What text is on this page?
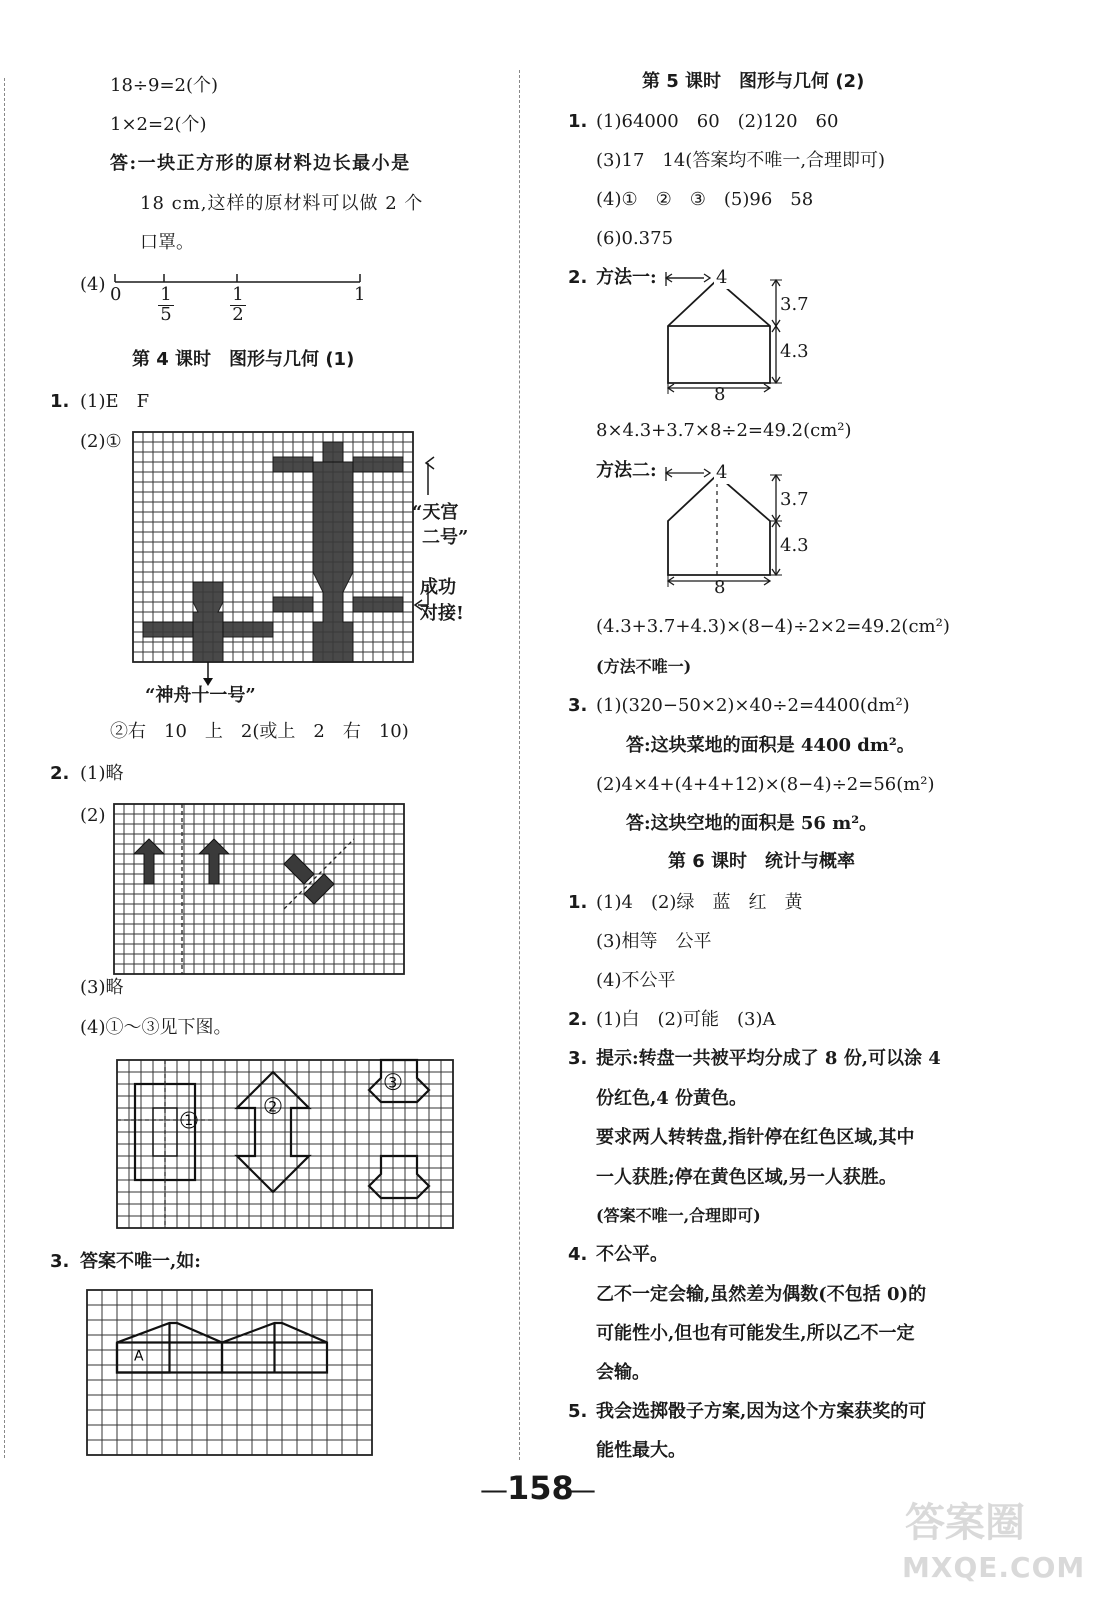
18÷9=2(个)
1×2=2(个)
答:一块正方形的原材料边长最小是
18 cm,这样的原材料可以做 2 个
口罩。
(4) 0	1
$\frac{1}{5}$	$\frac{1}{2}$
第 4 课时　图形与几何 (1)
1. (1)E　F
(2)①
“天宫
二号”
成功
对接!
“神舟十一号”
②右　10　上　2(或上　2　右　10)
2. (1)略
(2)
(3)略
(4)①～③见下图。
1
2
3
3. 答案不唯一,如:
A
第 5 课时　图形与几何 (2)
1. (1)64000　60　(2)120　60
(3)17　14(答案均不唯一,合理即可)
(4)①　②　③　(5)96　58
(6)0.375
2. 方法一:	4
3.7
4.3
8
8×4.3+3.7×8÷2=49.2(cm²)
方法二:	4
3.7
4.3
8
(4.3+3.7+4.3)×(8−4)÷2×2=49.2(cm²)
(方法不唯一)
3. (1)(320−50×2)×40÷2=4400(dm²)
答:这块菜地的面积是 4400 dm²。
(2)4×4+(4+4+12)×(8−4)÷2=56(m²)
答:这块空地的面积是 56 m²。
第 6 课时　统计与概率
1. (1)4　(2)绿　蓝　红　黄
(3)相等　公平
(4)不公平
2. (1)白　(2)可能　(3)A
3. 提示:转盘一共被平均分成了 8 份,可以涂 4
份红色,4 份黄色。
要求两人转转盘,指针停在红色区域,其中
一人获胜;停在黄色区域,另一人获胜。
(答案不唯一,合理即可)
4. 不公平。
乙不一定会输,虽然差为偶数(不包括 0)的
可能性小,但也有可能发生,所以乙不一定
会输。
5. 我会选掷骰子方案,因为这个方案获奖的可
能性最大。
— 158
—
答案圈
MXQE.COM
